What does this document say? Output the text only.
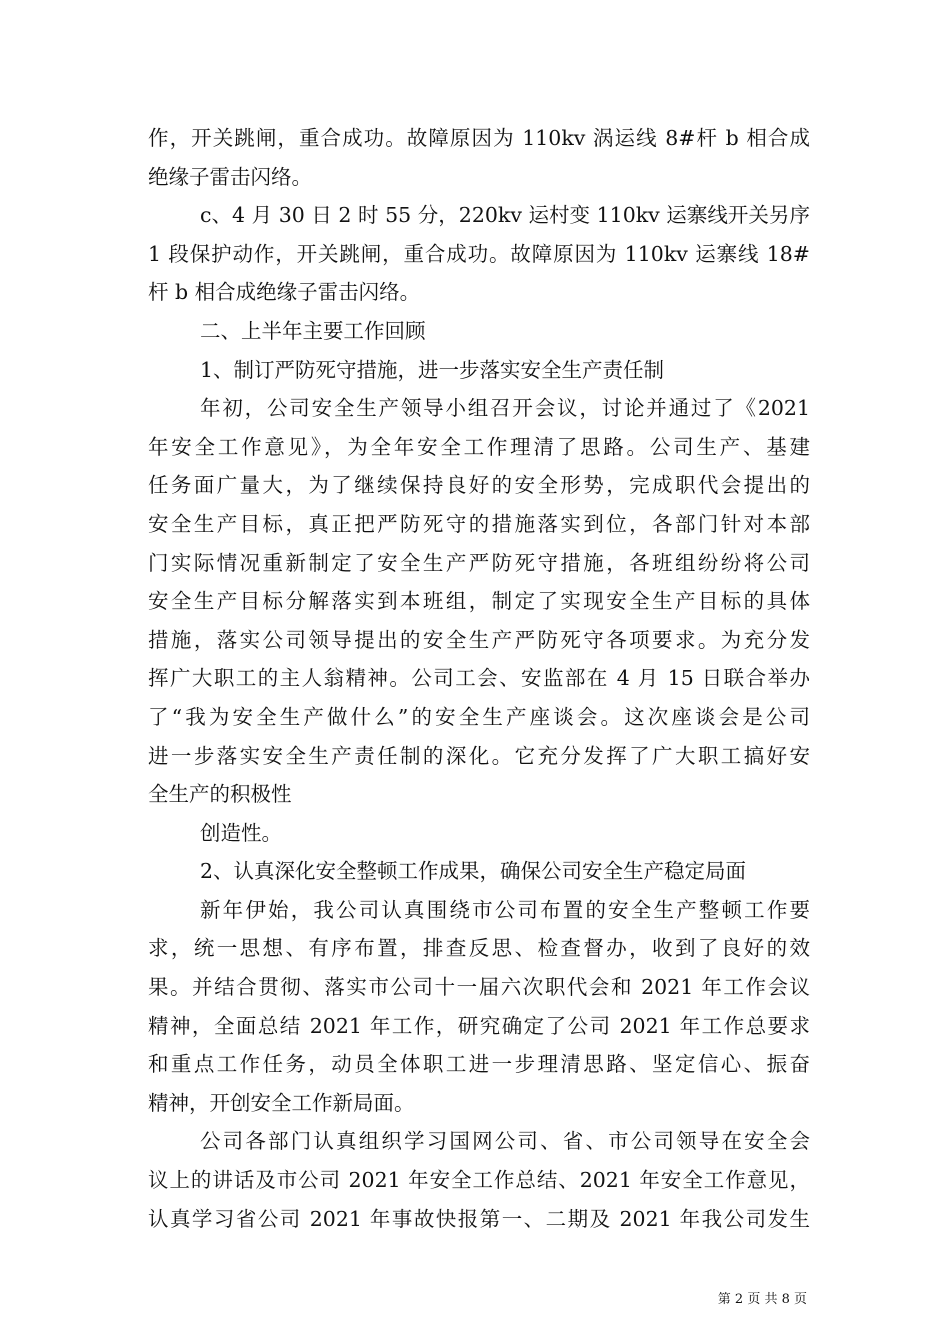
作，开关跳闸，重合成功。故障原因为 110kv 涡运线 8#杆 b 相合成
绝缘子雷击闪络。
c、4 月 30 日 2 时 55 分，220kv 运村变 110kv 运寨线开关另序
1 段保护动作，开关跳闸，重合成功。故障原因为 110kv 运寨线 18#
杆 b 相合成绝缘子雷击闪络。
二、上半年主要工作回顾
1、制订严防死守措施，进一步落实安全生产责任制
年初，公司安全生产领导小组召开会议，讨论并通过了《2021
年安全工作意见》，为全年安全工作理清了思路。公司生产、基建
任务面广量大，为了继续保持良好的安全形势，完成职代会提出的
安全生产目标，真正把严防死守的措施落实到位，各部门针对本部
门实际情况重新制定了安全生产严防死守措施，各班组纷纷将公司
安全生产目标分解落实到本班组，制定了实现安全生产目标的具体
措施，落实公司领导提出的安全生产严防死守各项要求。为充分发
挥广大职工的主人翁精神。公司工会、安监部在 4 月 15 日联合举办
了“我为安全生产做什么”的安全生产座谈会。这次座谈会是公司
进一步落实安全生产责任制的深化。它充分发挥了广大职工搞好安
全生产的积极性
创造性。
2、认真深化安全整顿工作成果，确保公司安全生产稳定局面
新年伊始，我公司认真围绕市公司布置的安全生产整顿工作要
求，统一思想、有序布置，排查反思、检查督办，收到了良好的效
果。并结合贯彻、落实市公司十一届六次职代会和 2021 年工作会议
精神，全面总结 2021 年工作，研究确定了公司 2021 年工作总要求
和重点工作任务，动员全体职工进一步理清思路、坚定信心、振奋
精神，开创安全工作新局面。
公司各部门认真组织学习国网公司、省、市公司领导在安全会
议上的讲话及市公司 2021 年安全工作总结、2021 年安全工作意见，
认真学习省公司 2021 年事故快报第一、二期及 2021 年我公司发生
第 2 页 共 8 页
